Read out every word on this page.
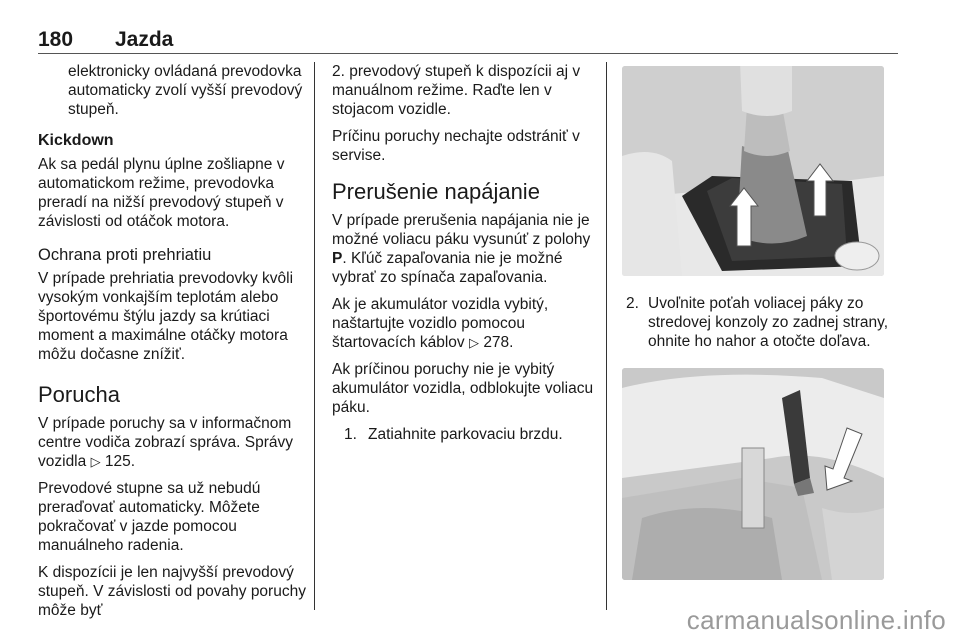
180 Jazda

elektronicky ovládaná prevodovka automaticky zvolí vyšší prevodový stupeň.

Kickdown

Ak sa pedál plynu úplne zošliapne v automatickom režime, prevodovka preradí na nižší prevodový stupeň v závislosti od otáčok motora.

Ochrana proti prehriatiu

V prípade prehriatia prevodovky kvôli vysokým vonkajším teplotám alebo športovému štýlu jazdy sa krútiaci moment a maximálne otáčky motora môžu dočasne znížiť.

Porucha

V prípade poruchy sa v informačnom centre vodiča zobrazí správa. Správy vozidla ▷ 125.

Prevodové stupne sa už nebudú preraďovať automaticky. Môžete pokračovať v jazde pomocou manuálneho radenia.

K dispozícii je len najvyšší prevodový stupeň. V závislosti od povahy poruchy môže byť

2. prevodový stupeň k dispozícii aj v manuálnom režime. Raďte len v stojacom vozidle.

Príčinu poruchy nechajte odstrániť v servise.

Prerušenie napájanie

V prípade prerušenia napájania nie je možné voliacu páku vysunúť z polohy P. Kľúč zapaľovania nie je možné vybrať zo spínača zapaľovania.

Ak je akumulátor vozidla vybitý, naštartujte vozidlo pomocou štartovacích káblov ▷ 278.

Ak príčinou poruchy nie je vybitý akumulátor vozidla, odblokujte voliacu páku.

1. Zatiahnite parkovaciu brzdu.
2. Uvoľnite poťah voliacej páky zo stredovej konzoly zo zadnej strany, ohnite ho nahor a otočte doľava.
carmanualsonline.info
